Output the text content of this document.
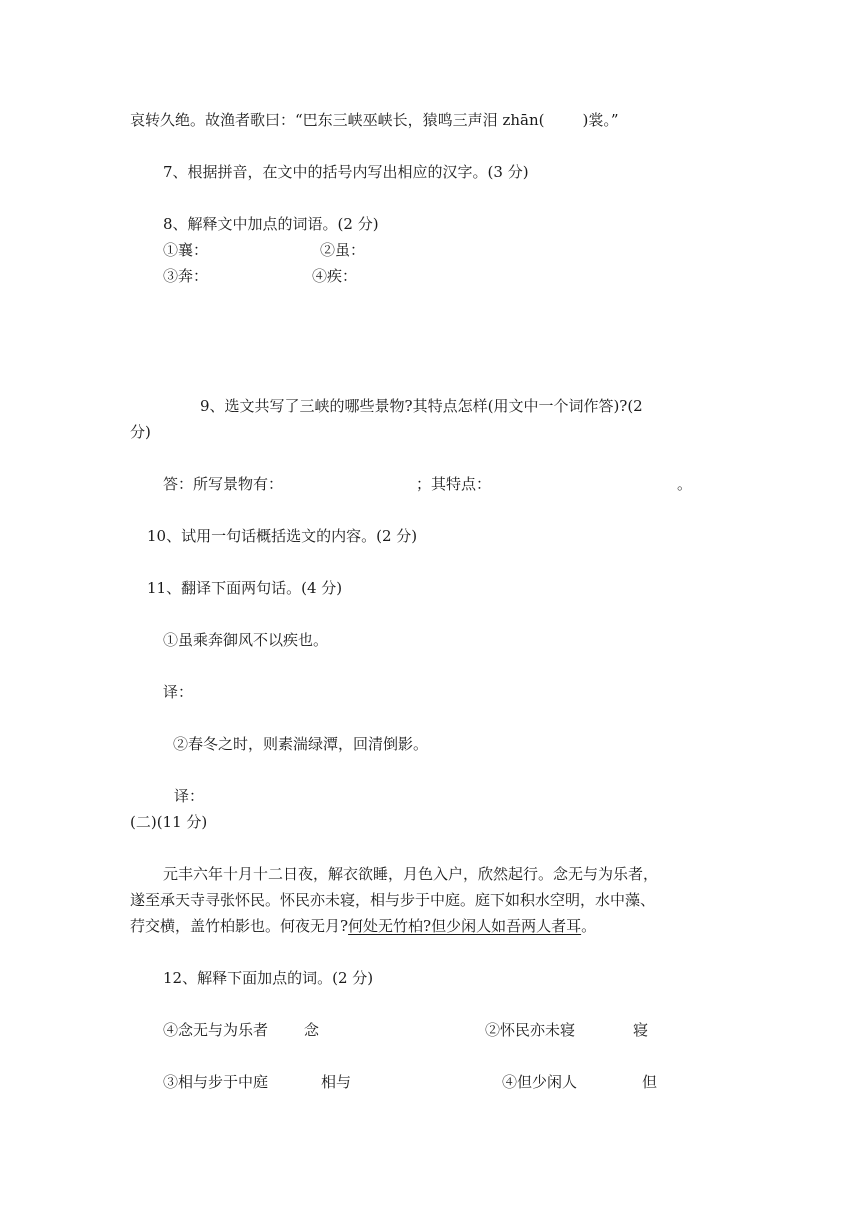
哀转久绝。故渔者歌曰：“巴东三峡巫峡长，猿鸣三声泪 zhān(	)裳。”
7、根据拼音，在文中的括号内写出相应的汉字。(3 分)
8、解释文中加点的词语。(2 分)
①襄：	②虽：
③奔：	④疾：
9、选文共写了三峡的哪些景物?其特点怎样(用文中一个词作答)?(2
分)
答：所写景物有：	；其特点：	。
10、试用一句话概括选文的内容。(2 分)
11、翻译下面两句话。(4 分)
①虽乘奔御风不以疾也。
译：
②春冬之时，则素湍绿潭，回清倒影。
译：
(二)(11 分)
元丰六年十月十二日夜，解衣欲睡，月色入户，欣然起行。念无与为乐者，
遂至承天寺寻张怀民。怀民亦未寝，相与步于中庭。庭下如积水空明，水中藻、
荇交横，盖竹柏影也。何夜无月?何处无竹柏?但少闲人如吾两人者耳。
12、解释下面加点的词。(2 分)
④念无与为乐者 念	②怀民亦未寝	寝
③相与步于中庭	相与	④但少闲人	但
